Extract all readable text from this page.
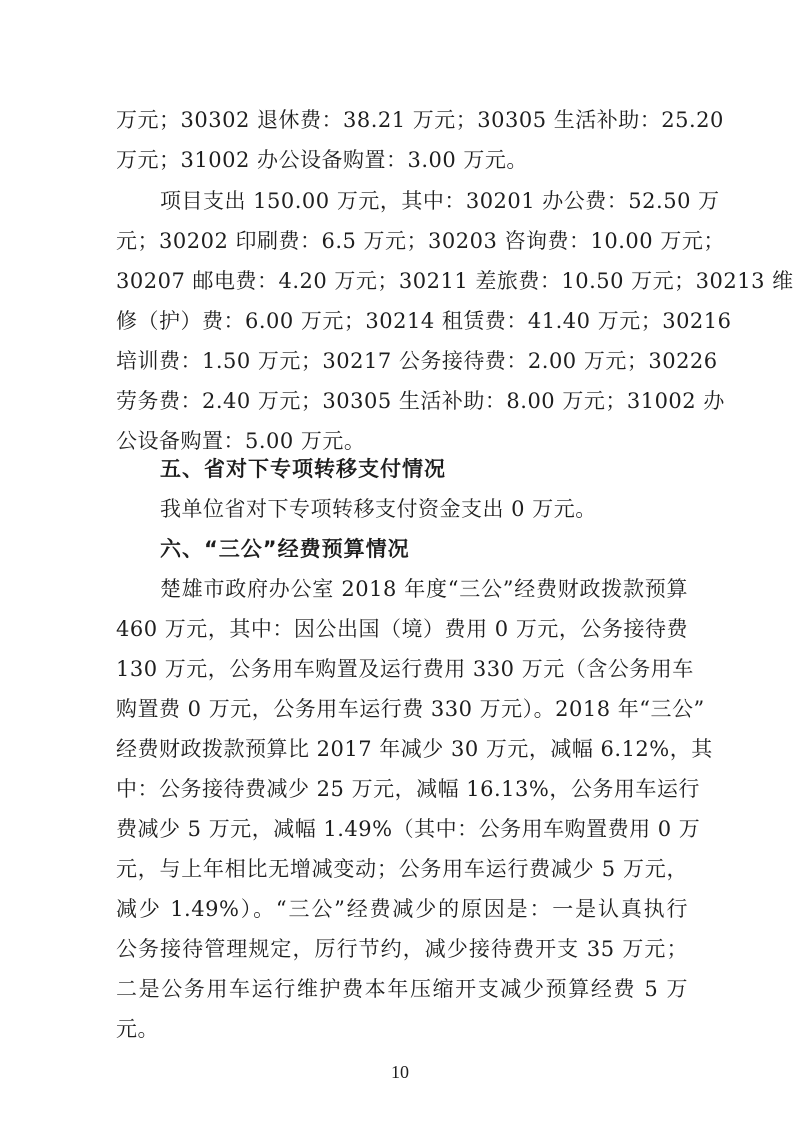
万元；30302 退休费：38.21 万元；30305 生活补助：25.20
万元；31002 办公设备购置：3.00 万元。
项目支出 150.00 万元，其中：30201 办公费：52.50 万
元；30202 印刷费：6.5 万元；30203 咨询费：10.00 万元；
30207 邮电费：4.20 万元；30211 差旅费：10.50 万元；30213 维
修（护）费：6.00 万元；30214 租赁费：41.40 万元；30216
培训费：1.50 万元；30217 公务接待费：2.00 万元；30226
劳务费：2.40 万元；30305 生活补助：8.00 万元；31002 办
公设备购置：5.00 万元。
五、省对下专项转移支付情况
我单位省对下专项转移支付资金支出 0 万元。
六、“三公”经费预算情况
楚雄市政府办公室 2018 年度“三公”经费财政拨款预算
460 万元，其中：因公出国（境）费用 0 万元，公务接待费
130 万元，公务用车购置及运行费用 330 万元（含公务用车
购置费 0 万元，公务用车运行费 330 万元）。2018 年“三公”
经费财政拨款预算比 2017 年减少 30 万元，减幅 6.12%，其
中：公务接待费减少 25 万元，减幅 16.13%，公务用车运行
费减少 5 万元，减幅 1.49%（其中：公务用车购置费用 0 万
元，与上年相比无增减变动；公务用车运行费减少 5 万元，
减少 1.49%）。“三公”经费减少的原因是：一是认真执行
公务接待管理规定，厉行节约，减少接待费开支 35 万元；
二是公务用车运行维护费本年压缩开支减少预算经费 5 万
元。
10
